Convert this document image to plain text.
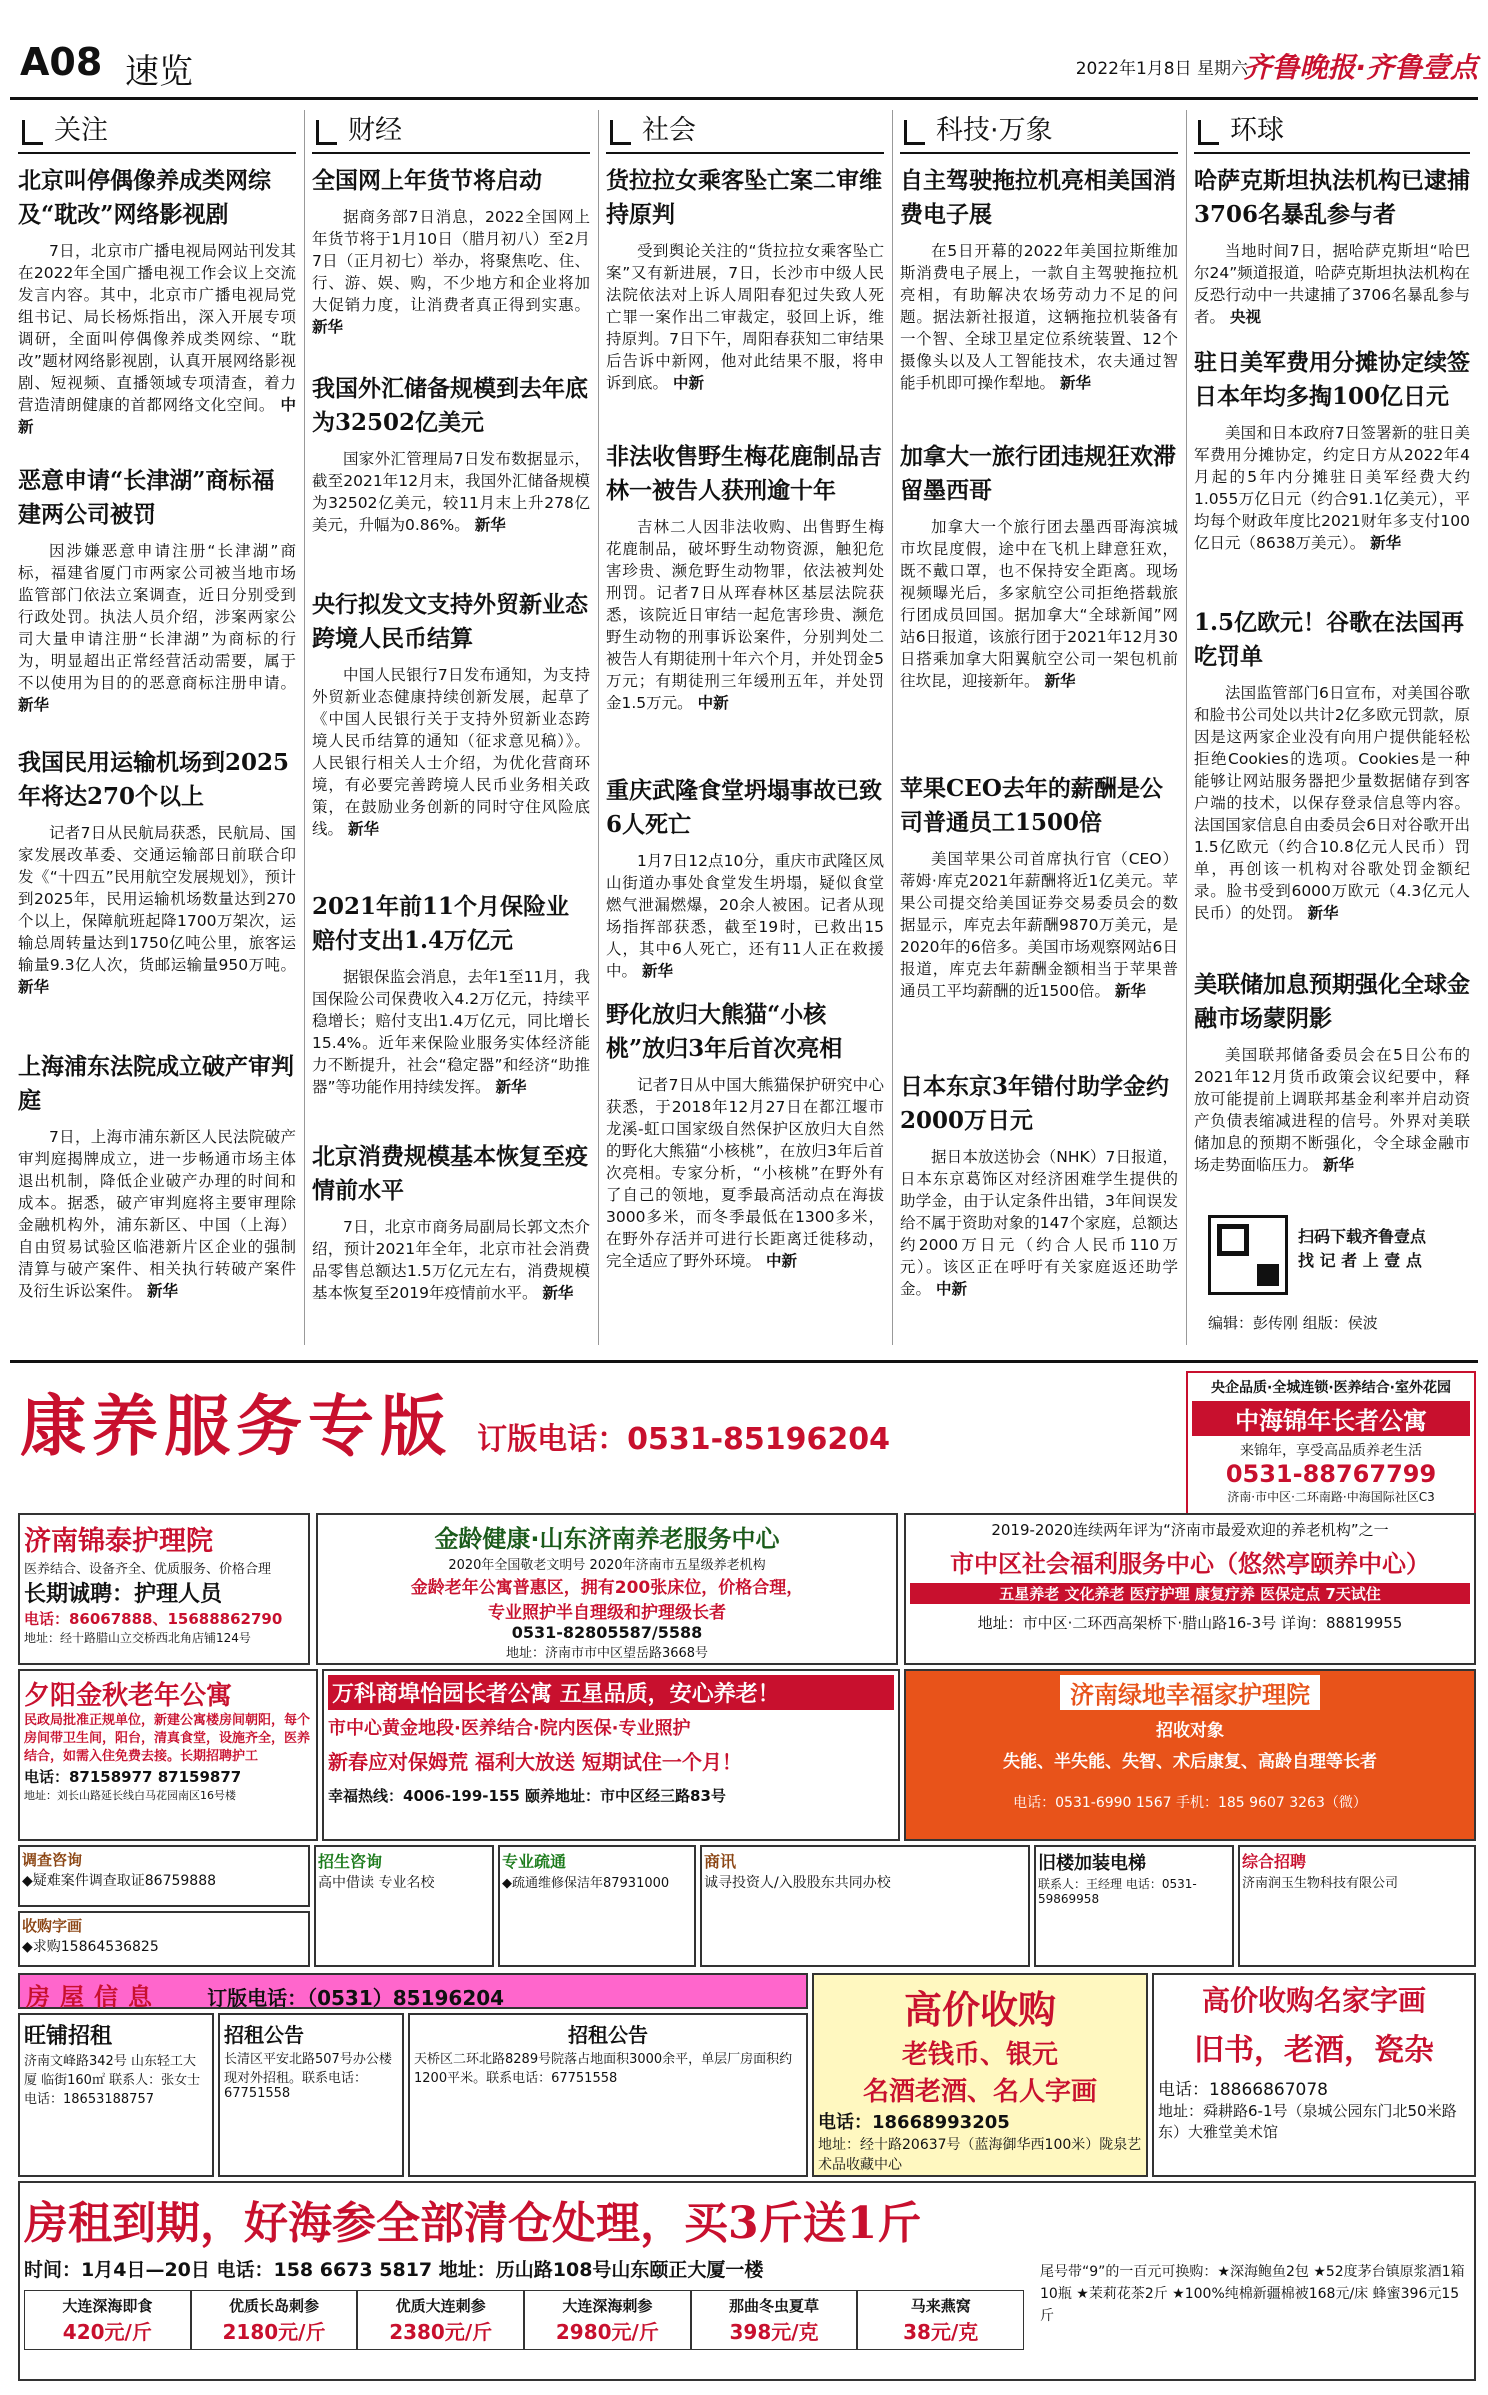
A08 速览	2022年1月8日 星期六
齐鲁晚报·齐鲁壹点
关注
北京叫停偶像养成类网综及“耽改”网络影视剧
7日，北京市广播电视局网站刊发其在2022年全国广播电视工作会议上交流发言内容。其中，北京市广播电视局党组书记、局长杨烁指出，深入开展专项调研，全面叫停偶像养成类网综、“耽改”题材网络影视剧，认真开展网络影视剧、短视频、直播领域专项清查，着力营造清朗健康的首都网络文化空间。 中新
恶意申请“长津湖”商标福建两公司被罚
因涉嫌恶意申请注册“长津湖”商标，福建省厦门市两家公司被当地市场监管部门依法立案调查，近日分别受到行政处罚。执法人员介绍，涉案两家公司大量申请注册“长津湖”为商标的行为，明显超出正常经营活动需要，属于不以使用为目的的恶意商标注册申请。 新华
我国民用运输机场到2025年将达270个以上
记者7日从民航局获悉，民航局、国家发展改革委、交通运输部日前联合印发《“十四五”民用航空发展规划》，预计到2025年，民用运输机场数量达到270个以上，保障航班起降1700万架次，运输总周转量达到1750亿吨公里，旅客运输量9.3亿人次，货邮运输量950万吨。 新华
上海浦东法院成立破产审判庭
7日，上海市浦东新区人民法院破产审判庭揭牌成立，进一步畅通市场主体退出机制，降低企业破产办理的时间和成本。据悉，破产审判庭将主要审理除金融机构外，浦东新区、中国（上海）自由贸易试验区临港新片区企业的强制清算与破产案件、相关执行转破产案件及衍生诉讼案件。 新华
财经
全国网上年货节将启动
据商务部7日消息，2022全国网上年货节将于1月10日（腊月初八）至2月7日（正月初七）举办，将聚焦吃、住、行、游、娱、购，不少地方和企业将加大促销力度，让消费者真正得到实惠。 新华
我国外汇储备规模到去年底为32502亿美元
国家外汇管理局7日发布数据显示，截至2021年12月末，我国外汇储备规模为32502亿美元，较11月末上升278亿美元，升幅为0.86%。 新华
央行拟发文支持外贸新业态跨境人民币结算
中国人民银行7日发布通知，为支持外贸新业态健康持续创新发展，起草了《中国人民银行关于支持外贸新业态跨境人民币结算的通知（征求意见稿）》。人民银行相关人士介绍，为优化营商环境，有必要完善跨境人民币业务相关政策，在鼓励业务创新的同时守住风险底线。 新华
2021年前11个月保险业赔付支出1.4万亿元
据银保监会消息，去年1至11月，我国保险公司保费收入4.2万亿元，持续平稳增长；赔付支出1.4万亿元，同比增长15.4%。近年来保险业服务实体经济能力不断提升，社会“稳定器”和经济“助推器”等功能作用持续发挥。 新华
北京消费规模基本恢复至疫情前水平
7日，北京市商务局副局长郭文杰介绍，预计2021年全年，北京市社会消费品零售总额达1.5万亿元左右，消费规模基本恢复至2019年疫情前水平。 新华
社会
货拉拉女乘客坠亡案二审维持原判
受到舆论关注的“货拉拉女乘客坠亡案”又有新进展，7日，长沙市中级人民法院依法对上诉人周阳春犯过失致人死亡罪一案作出二审裁定，驳回上诉，维持原判。7日下午，周阳春获知二审结果后告诉中新网，他对此结果不服，将申诉到底。 中新
非法收售野生梅花鹿制品吉林一被告人获刑逾十年
吉林二人因非法收购、出售野生梅花鹿制品，破坏野生动物资源，触犯危害珍贵、濒危野生动物罪，依法被判处刑罚。记者7日从珲春林区基层法院获悉，该院近日审结一起危害珍贵、濒危野生动物的刑事诉讼案件，分别判处二被告人有期徒刑十年六个月，并处罚金5万元；有期徒刑三年缓刑五年，并处罚金1.5万元。 中新
重庆武隆食堂坍塌事故已致6人死亡
1月7日12点10分，重庆市武隆区凤山街道办事处食堂发生坍塌，疑似食堂燃气泄漏燃爆，20余人被困。记者从现场指挥部获悉，截至19时，已救出15人，其中6人死亡，还有11人正在救援中。 新华
野化放归大熊猫“小核桃”放归3年后首次亮相
记者7日从中国大熊猫保护研究中心获悉，于2018年12月27日在都江堰市龙溪-虹口国家级自然保护区放归大自然的野化大熊猫“小核桃”，在放归3年后首次亮相。专家分析，“小核桃”在野外有了自己的领地，夏季最高活动点在海拔3000多米，而冬季最低在1300多米，在野外存活并可进行长距离迁徙移动，完全适应了野外环境。 中新
科技·万象
自主驾驶拖拉机亮相美国消费电子展
在5日开幕的2022年美国拉斯维加斯消费电子展上，一款自主驾驶拖拉机亮相，有助解决农场劳动力不足的问题。据法新社报道，这辆拖拉机装备有一个智、全球卫星定位系统装置、12个摄像头以及人工智能技术，农夫通过智能手机即可操作犁地。 新华
加拿大一旅行团违规狂欢滞留墨西哥
加拿大一个旅行团去墨西哥海滨城市坎昆度假，途中在飞机上肆意狂欢，既不戴口罩，也不保持安全距离。现场视频曝光后，多家航空公司拒绝搭载旅行团成员回国。据加拿大“全球新闻”网站6日报道，该旅行团于2021年12月30日搭乘加拿大阳翼航空公司一架包机前往坎昆，迎接新年。 新华
苹果CEO去年的薪酬是公司普通员工1500倍
美国苹果公司首席执行官（CEO）蒂姆·库克2021年薪酬将近1亿美元。苹果公司提交给美国证券交易委员会的数据显示，库克去年薪酬9870万美元，是2020年的6倍多。美国市场观察网站6日报道，库克去年薪酬金额相当于苹果普通员工平均薪酬的近1500倍。 新华
日本东京3年错付助学金约2000万日元
据日本放送协会（NHK）7日报道，日本东京葛饰区对经济困难学生提供的助学金，由于认定条件出错，3年间误发给不属于资助对象的147个家庭，总额达约2000万日元（约合人民币110万元）。该区正在呼吁有关家庭返还助学金。 中新
环球
哈萨克斯坦执法机构已逮捕3706名暴乱参与者
当地时间7日，据哈萨克斯坦“哈巴尔24”频道报道，哈萨克斯坦执法机构在反恐行动中一共逮捕了3706名暴乱参与者。 央视
驻日美军费用分摊协定续签日本年均多掏100亿日元
美国和日本政府7日签署新的驻日美军费用分摊协定，约定日方从2022年4月起的5年内分摊驻日美军经费大约1.055万亿日元（约合91.1亿美元），平均每个财政年度比2021财年多支付100亿日元（8638万美元）。 新华
1.5亿欧元！谷歌在法国再吃罚单
法国监管部门6日宣布，对美国谷歌和脸书公司处以共计2亿多欧元罚款，原因是这两家企业没有向用户提供能轻松拒绝Cookies的选项。Cookies是一种能够让网站服务器把少量数据储存到客户端的技术，以保存登录信息等内容。法国国家信息自由委员会6日对谷歌开出1.5亿欧元（约合10.8亿元人民币）罚单，再创该一机构对谷歌处罚金额纪录。脸书受到6000万欧元（4.3亿元人民币）的处罚。 新华
美联储加息预期强化全球金融市场蒙阴影
美国联邦储备委员会在5日公布的2021年12月货币政策会议纪要中，释放可能提前上调联邦基金利率并启动资产负债表缩减进程的信号。外界对美联储加息的预期不断强化，令全球金融市场走势面临压力。 新华
扫码下载齐鲁壹点
找 记 者 上 壹 点
编辑：彭传刚 组版：侯波
康养服务专版 订版电话：0531-85196204
央企品质·全城连锁·医养结合·室外花园
中海锦年长者公寓
来锦年，享受高品质养老生活
0531-88767799
济南·市中区·二环南路·中海国际社区C3
济南锦泰护理院
医养结合、设备齐全、优质服务、价格合理
长期诚聘：护理人员
电话：86067888、15688862790
地址：经十路腊山立交桥西北角店铺124号
金龄健康·山东济南养老服务中心
2020年全国敬老文明号 2020年济南市五星级养老机构
金龄老年公寓普惠区，拥有200张床位，价格合理，
专业照护半自理级和护理级长者
0531-82805587/5588
地址：济南市市中区望岳路3668号
2019-2020连续两年评为“济南市最爱欢迎的养老机构”之一
市中区社会福利服务中心（悠然亭颐养中心）
五星养老 文化养老 医疗护理 康复疗养 医保定点 7天试住
地址：市中区·二环西高架桥下·腊山路16-3号 详询：88819955
夕阳金秋老年公寓
民政局批准正规单位，新建公寓楼房间朝阳，每个房间带卫生间，阳台，清真食堂，设施齐全，医养结合，如需入住免费去接。长期招聘护工
电话：87158977 87159877
地址：刘长山路延长线白马花园南区16号楼
万科商埠怡园长者公寓 五星品质，安心养老！
市中心黄金地段·医养结合·院内医保·专业照护
新春应对保姆荒 福利大放送 短期试住一个月！
幸福热线：4006-199-155 颐养地址：市中区经三路83号
济南绿地幸福家护理院
招收对象
失能、半失能、失智、术后康复、高龄自理等长者
电话：0531-6990 1567 手机：185 9607 3263（微）
调查咨询
◆疑难案件调查取证86759888
收购字画
◆求购15864536825
招生咨询
高中借读 专业名校
专业疏通
◆疏通维修保洁年87931000
商讯
诚寻投资人/入股股东共同办校
旧楼加装电梯
联系人：王经理 电话：0531-59869958
综合招聘
济南润玉生物科技有限公司
房屋信息 订版电话：（0531）85196204
旺铺招租
济南文峰路342号 山东轻工大厦 临街160㎡ 联系人：张女士 电话：18653188757
招租公告
长清区平安北路507号办公楼现对外招租。联系电话：67751558
招租公告
天桥区二环北路8289号院落占地面积3000余平，单层厂房面积约1200平米。联系电话：67751558
高价收购
老钱币、银元
名酒老酒、名人字画
电话：18668993205
地址：经十路20637号（蓝海御华西100米）陇泉艺术品收藏中心
高价收购名家字画
旧书，老酒，瓷杂
电话：18866867078
地址：舜耕路6-1号（泉城公园东门北50米路东）大雅堂美术馆
房租到期，好海参全部清仓处理，买3斤送1斤
时间：1月4日—20日 电话：158 6673 5817 地址：历山路108号山东颐正大厦一楼
大连深海即食
420元/斤
优质长岛刺参
2180元/斤
优质大连刺参
2380元/斤
大连深海刺参
2980元/斤
那曲冬虫夏草
398元/克
马来燕窝
38元/克
尾号带“9”的一百元可换购：★深海鲍鱼2包 ★52度茅台镇原浆酒1箱10瓶 ★茉莉花茶2斤 ★100%纯棉新疆棉被168元/床 蜂蜜396元15斤
